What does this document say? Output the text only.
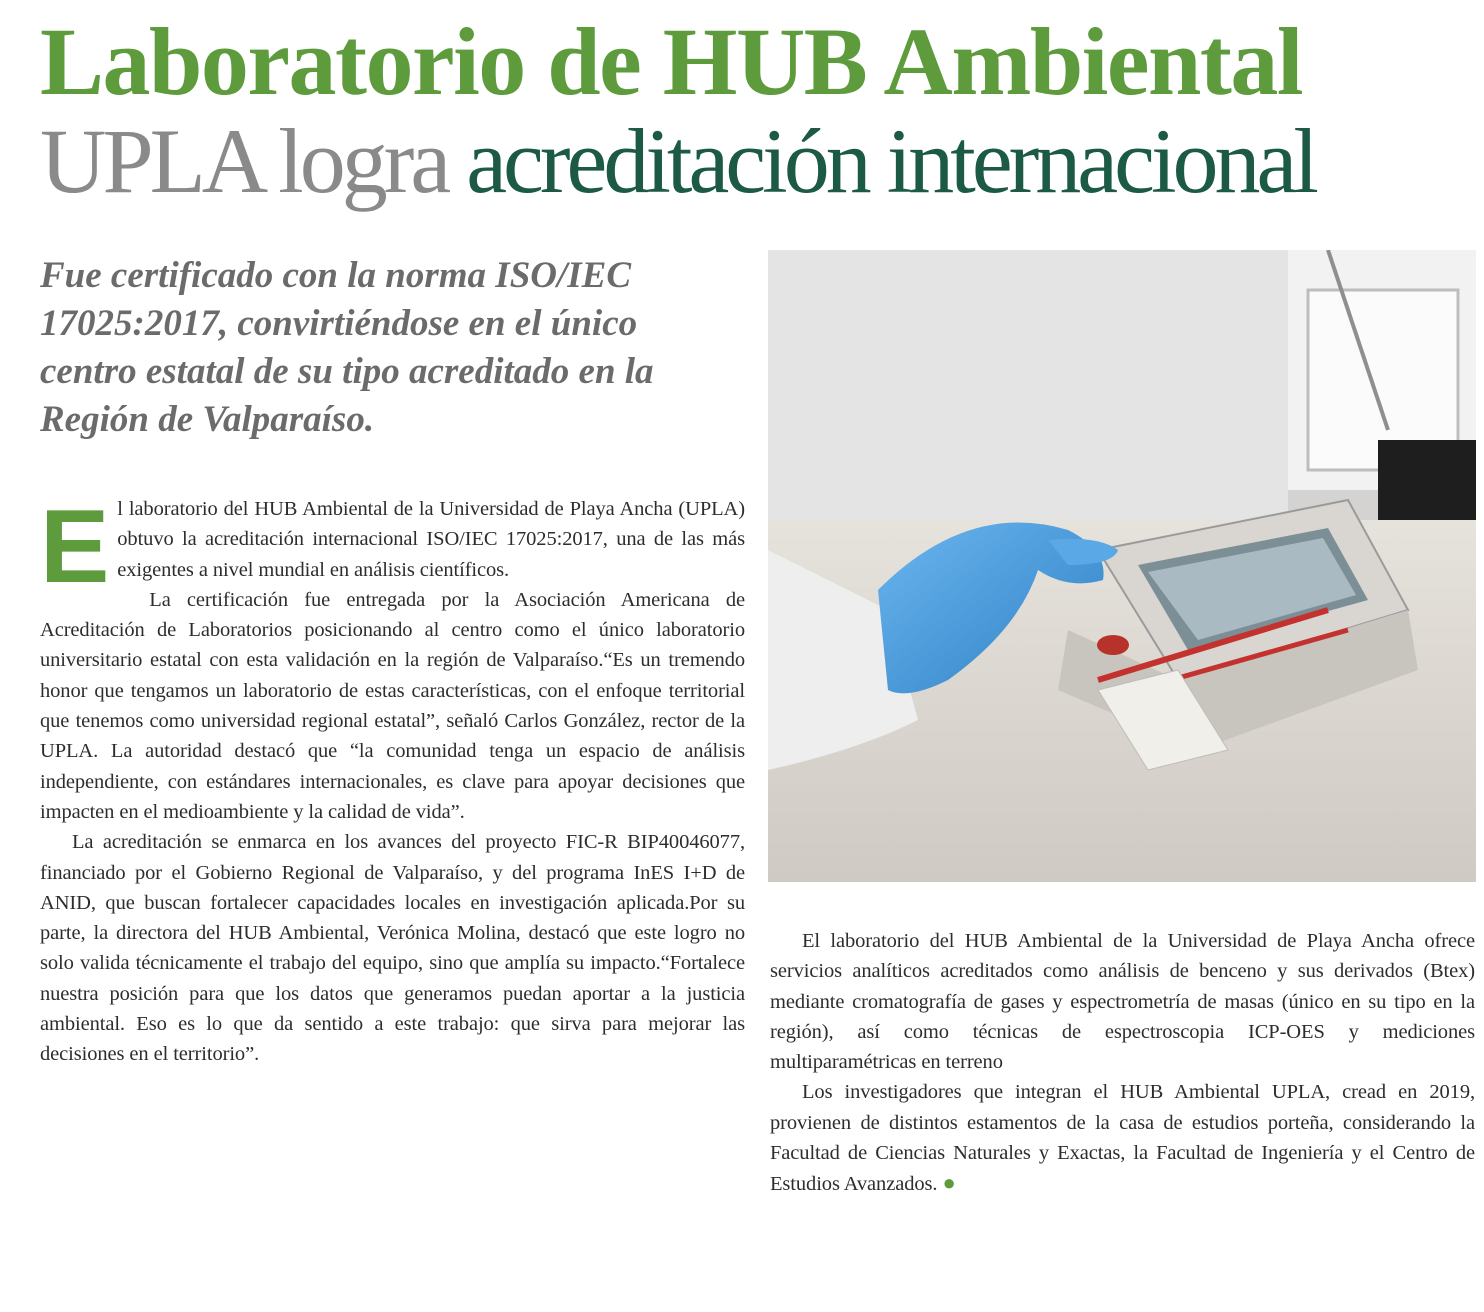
Laboratorio de HUB Ambiental
UPLA logra acreditación internacional

Fue certificado con la norma ISO/IEC 17025:2017, convirtiéndose en el único centro estatal de su tipo acreditado en la Región de Valparaíso.

El laboratorio del HUB Ambiental de la Universidad de Playa Ancha (UPLA) obtuvo la acreditación internacional ISO/IEC 17025:2017, una de las más exigentes a nivel mundial en análisis científicos.

La certificación fue entregada por la Asociación Americana de Acreditación de Laboratorios posicionando al centro como el único laboratorio universitario estatal con esta validación en la región de Valparaíso.“Es un tremendo honor que tengamos un laboratorio de estas características, con el enfoque territorial que tenemos como universidad regional estatal”, señaló Carlos González, rector de la UPLA. La autoridad destacó que “la comunidad tenga un espacio de análisis independiente, con estándares internacionales, es clave para apoyar decisiones que impacten en el medioambiente y la calidad de vida”.

La acreditación se enmarca en los avances del proyecto FIC-R BIP40046077, financiado por el Gobierno Regional de Valparaíso, y del programa InES I+D de ANID, que buscan fortalecer capacidades locales en investigación aplicada.Por su parte, la directora del HUB Ambiental, Verónica Molina, destacó que este logro no solo valida técnicamente el trabajo del equipo, sino que amplía su impacto.“Fortalece nuestra posición para que los datos que generamos puedan aportar a la justicia ambiental. Eso es lo que da sentido a este trabajo: que sirva para mejorar las decisiones en el territorio”.

El laboratorio del HUB Ambiental de la Universidad de Playa Ancha ofrece servicios analíticos acreditados como análisis de benceno y sus derivados (Btex) mediante cromatografía de gases y espectrometría de masas (único en su tipo en la región), así como técnicas de espectroscopia ICP-OES y mediciones multiparamétricas en terreno

Los investigadores que integran el HUB Ambiental UPLA, cread en 2019, provienen de distintos estamentos de la casa de estudios porteña, considerando la Facultad de Ciencias Naturales y Exactas, la Facultad de Ingeniería y el Centro de Estudios Avanzados. ●
